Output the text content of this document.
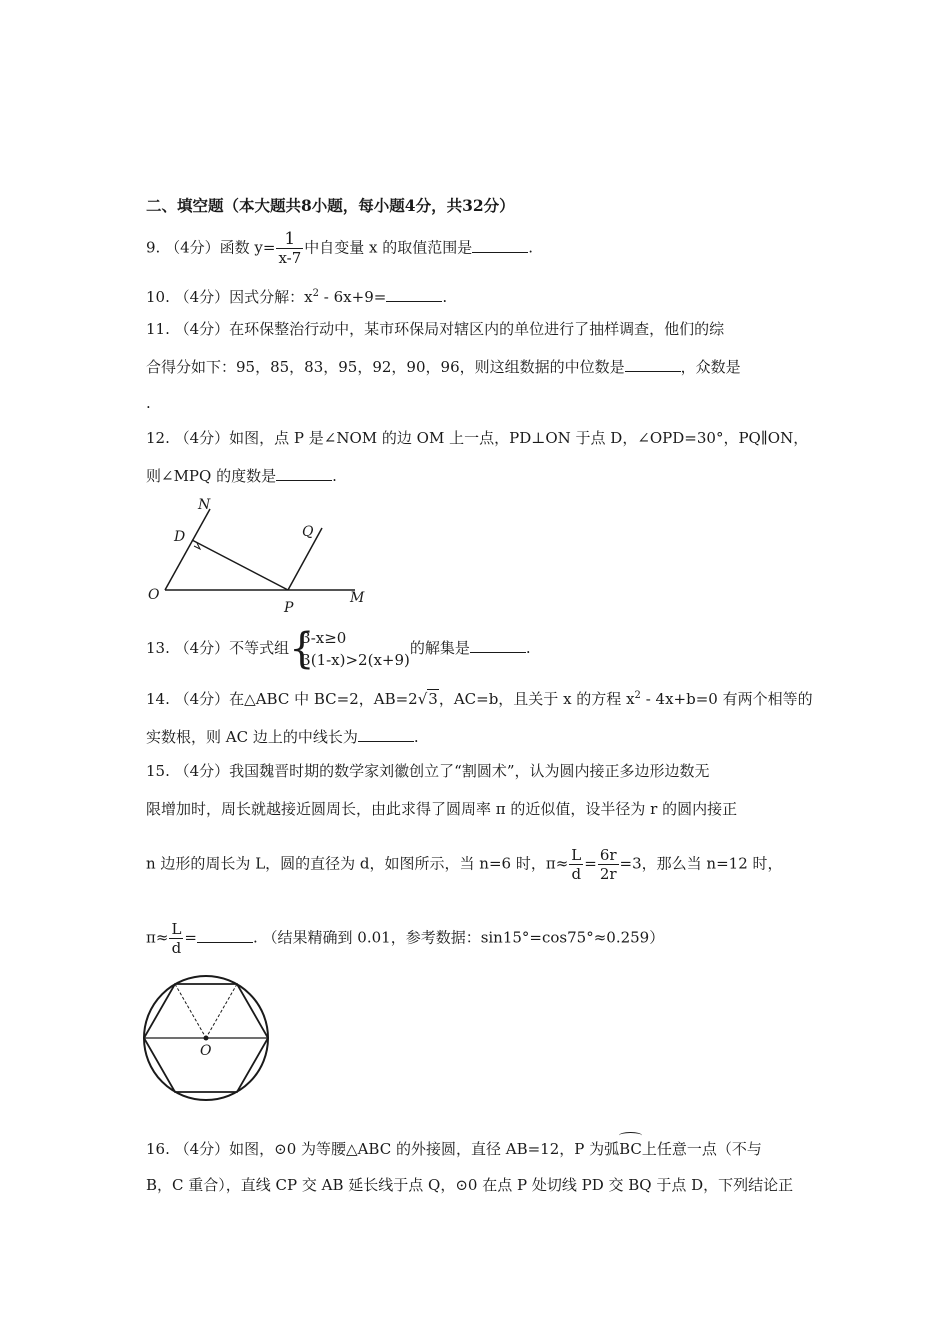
二、填空题（本大题共8小题，每小题4分，共32分）
9. （4分）函数 $y= \frac{1}{x-7}$ 中自变量 x 的取值范围是	.
10. （4分）因式分解：$x^2 - 6x+9=$	.
11. （4分）在环保整治行动中，某市环保局对辖区内的单位进行了抽样调查，他们的综
合得分如下：95，85，83，95，92，90，96，则这组数据的中位数是	，众数是
.
12. （4分）如图，点 P 是∠NOM 的边 OM 上一点，PD⊥ON 于点 D，∠OPD=30°，PQ∥ON，
则∠MPQ 的度数是	.
N
D	Q
O
P
M
13. （4分）不等式组 {
3-x≥0
3(1-x)>2(x+9)
的解集是	.
14. （4分）在△ABC 中 BC=2，AB=2√3，AC=b，且关于 x 的方程 $x^2 - 4x+b=0$ 有两个相等的
实数根，则 AC 边上的中线长为	.
15. （4分）我国魏晋时期的数学家刘徽创立了“割圆术”，认为圆内接正多边形边数无
限增加时，周长就越接近圆周长，由此求得了圆周率 π 的近似值，设半径为 r 的圆内接正
n 边形的周长为 L，圆的直径为 d，如图所示，当 n=6 时，$\pi\approx \frac{L}{d} = \frac{6r}{2r} =3$，那么当 n=12 时，
$\pi\approx \frac{L}{d}$ =	. （结果精确到 0.01，参考数据：sin15°=cos75°≈0.259）
O
16. （4分）如图，⊙0 为等腰△ABC 的外接圆，直径 AB=12，P 为弧
BC上任意一点（不与
B，C 重合），直线 CP 交 AB 延长线于点 Q，⊙0 在点 P 处切线 PD 交 BQ 于点 D，下列结论正
